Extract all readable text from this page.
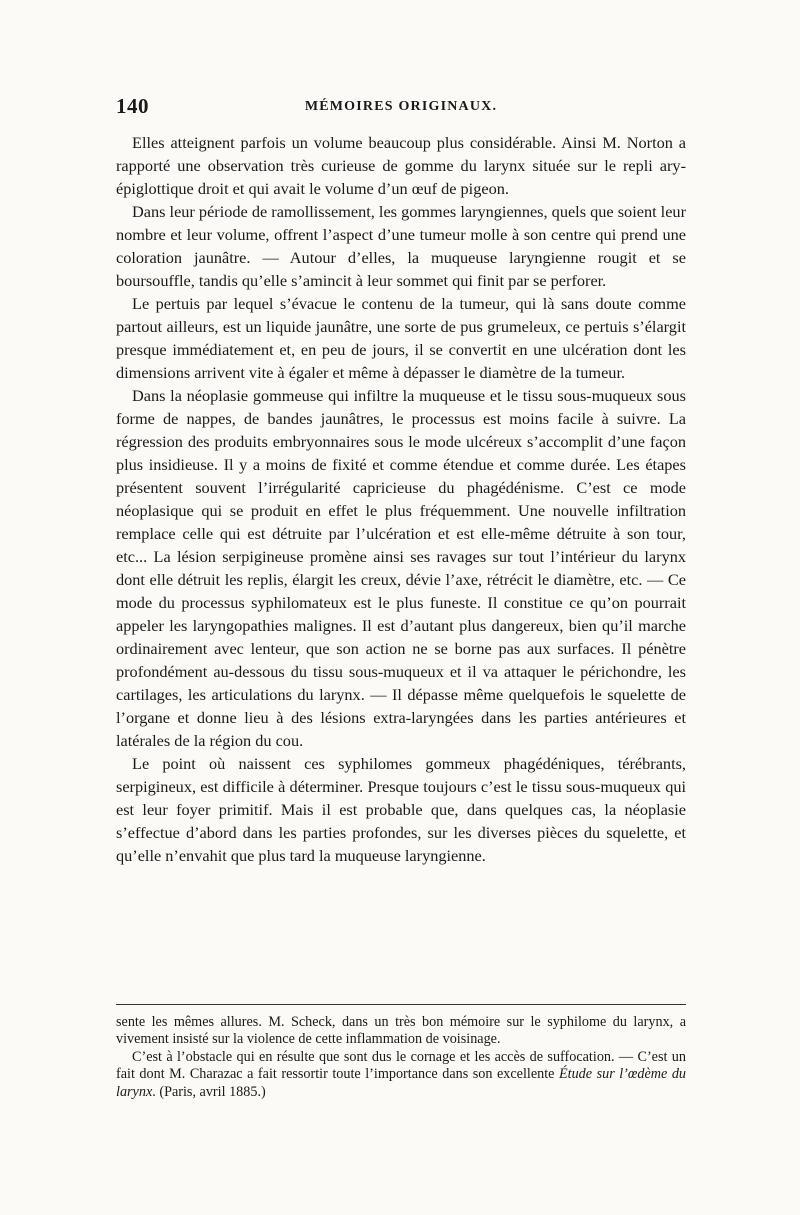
140	MÉMOIRES ORIGINAUX.

Elles atteignent parfois un volume beaucoup plus considérable. Ainsi M. Norton a rapporté une observation très curieuse de gomme du larynx située sur le repli ary-épiglottique droit et qui avait le volume d’un œuf de pigeon.

Dans leur période de ramollissement, les gommes laryngiennes, quels que soient leur nombre et leur volume, offrent l’aspect d’une tumeur molle à son centre qui prend une coloration jaunâtre. — Autour d’elles, la muqueuse laryngienne rougit et se boursouffle, tandis qu’elle s’amincit à leur sommet qui finit par se perforer.

Le pertuis par lequel s’évacue le contenu de la tumeur, qui là sans doute comme partout ailleurs, est un liquide jaunâtre, une sorte de pus grumeleux, ce pertuis s’élargit presque immédiatement et, en peu de jours, il se convertit en une ulcération dont les dimensions arrivent vite à égaler et même à dépasser le diamètre de la tumeur.

Dans la néoplasie gommeuse qui infiltre la muqueuse et le tissu sous-muqueux sous forme de nappes, de bandes jaunâtres, le processus est moins facile à suivre. La régression des produits embryonnaires sous le mode ulcéreux s’accomplit d’une façon plus insidieuse. Il y a moins de fixité et comme étendue et comme durée. Les étapes présentent souvent l’irrégularité capricieuse du phagédénisme. C’est ce mode néoplasique qui se produit en effet le plus fréquemment. Une nouvelle infiltration remplace celle qui est détruite par l’ulcération et est elle-même détruite à son tour, etc... La lésion serpigineuse promène ainsi ses ravages sur tout l’intérieur du larynx dont elle détruit les replis, élargit les creux, dévie l’axe, rétrécit le diamètre, etc. — Ce mode du processus syphilomateux est le plus funeste. Il constitue ce qu’on pourrait appeler les laryngopathies malignes. Il est d’autant plus dangereux, bien qu’il marche ordinairement avec lenteur, que son action ne se borne pas aux surfaces. Il pénètre profondément au-dessous du tissu sous-muqueux et il va attaquer le périchondre, les cartilages, les articulations du larynx. — Il dépasse même quelquefois le squelette de l’organe et donne lieu à des lésions extra-laryngées dans les parties antérieures et latérales de la région du cou.

Le point où naissent ces syphilomes gommeux phagédéniques, térébrants, serpigineux, est difficile à déterminer. Presque toujours c’est le tissu sous-muqueux qui est leur foyer primitif. Mais il est probable que, dans quelques cas, la néoplasie s’effectue d’abord dans les parties profondes, sur les diverses pièces du squelette, et qu’elle n’envahit que plus tard la muqueuse laryngienne.

sente les mêmes allures. M. Scheck, dans un très bon mémoire sur le syphilome du larynx, a vivement insisté sur la violence de cette inflammation de voisinage.

C’est à l’obstacle qui en résulte que sont dus le cornage et les accès de suffocation. — C’est un fait dont M. Charazac a fait ressortir toute l’importance dans son excellente Étude sur l’œdème du larynx. (Paris, avril 1885.)
